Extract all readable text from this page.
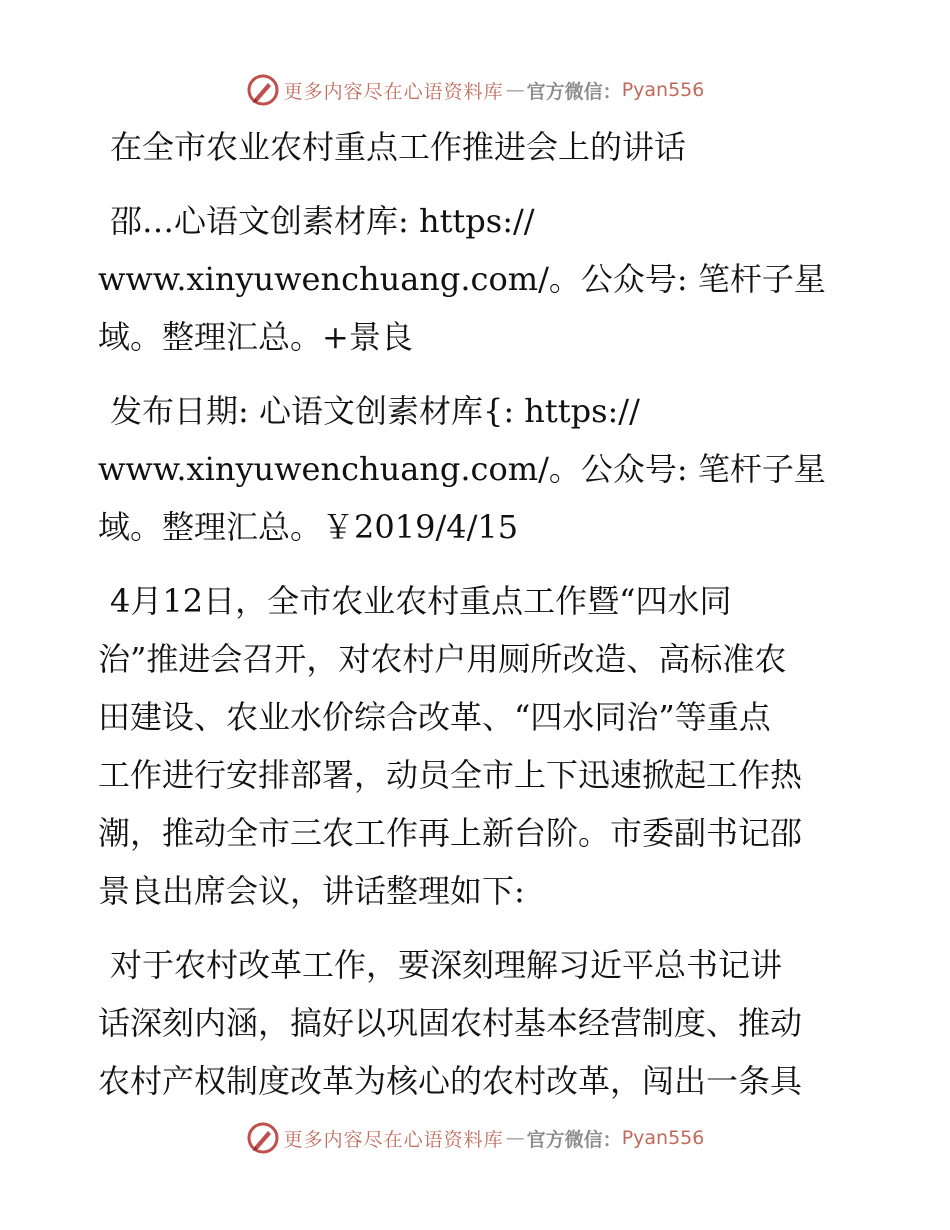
更多内容尽在心语资料库 — 官方微信： Pyan556

在全市农业农村重点工作推进会上的讲话

邵…心语文创素材库: https://
www.xinyuwenchuang.com/。公众号: 笔杆子星
域。整理汇总。+景良

发布日期: 心语文创素材库{: https://
www.xinyuwenchuang.com/。公众号: 笔杆子星
域。整理汇总。￥2019/4/15

4月12日，全市农业农村重点工作暨“四水同
治”推进会召开，对农村户用厕所改造、高标准农
田建设、农业水价综合改革、“四水同治”等重点
工作进行安排部署，动员全市上下迅速掀起工作热
潮，推动全市三农工作再上新台阶。市委副书记邵
景良出席会议，讲话整理如下:

对于农村改革工作，要深刻理解习近平总书记讲
话深刻内涵，搞好以巩固农村基本经营制度、推动
农村产权制度改革为核心的农村改革，闯出一条具

更多内容尽在心语资料库 — 官方微信： Pyan556
